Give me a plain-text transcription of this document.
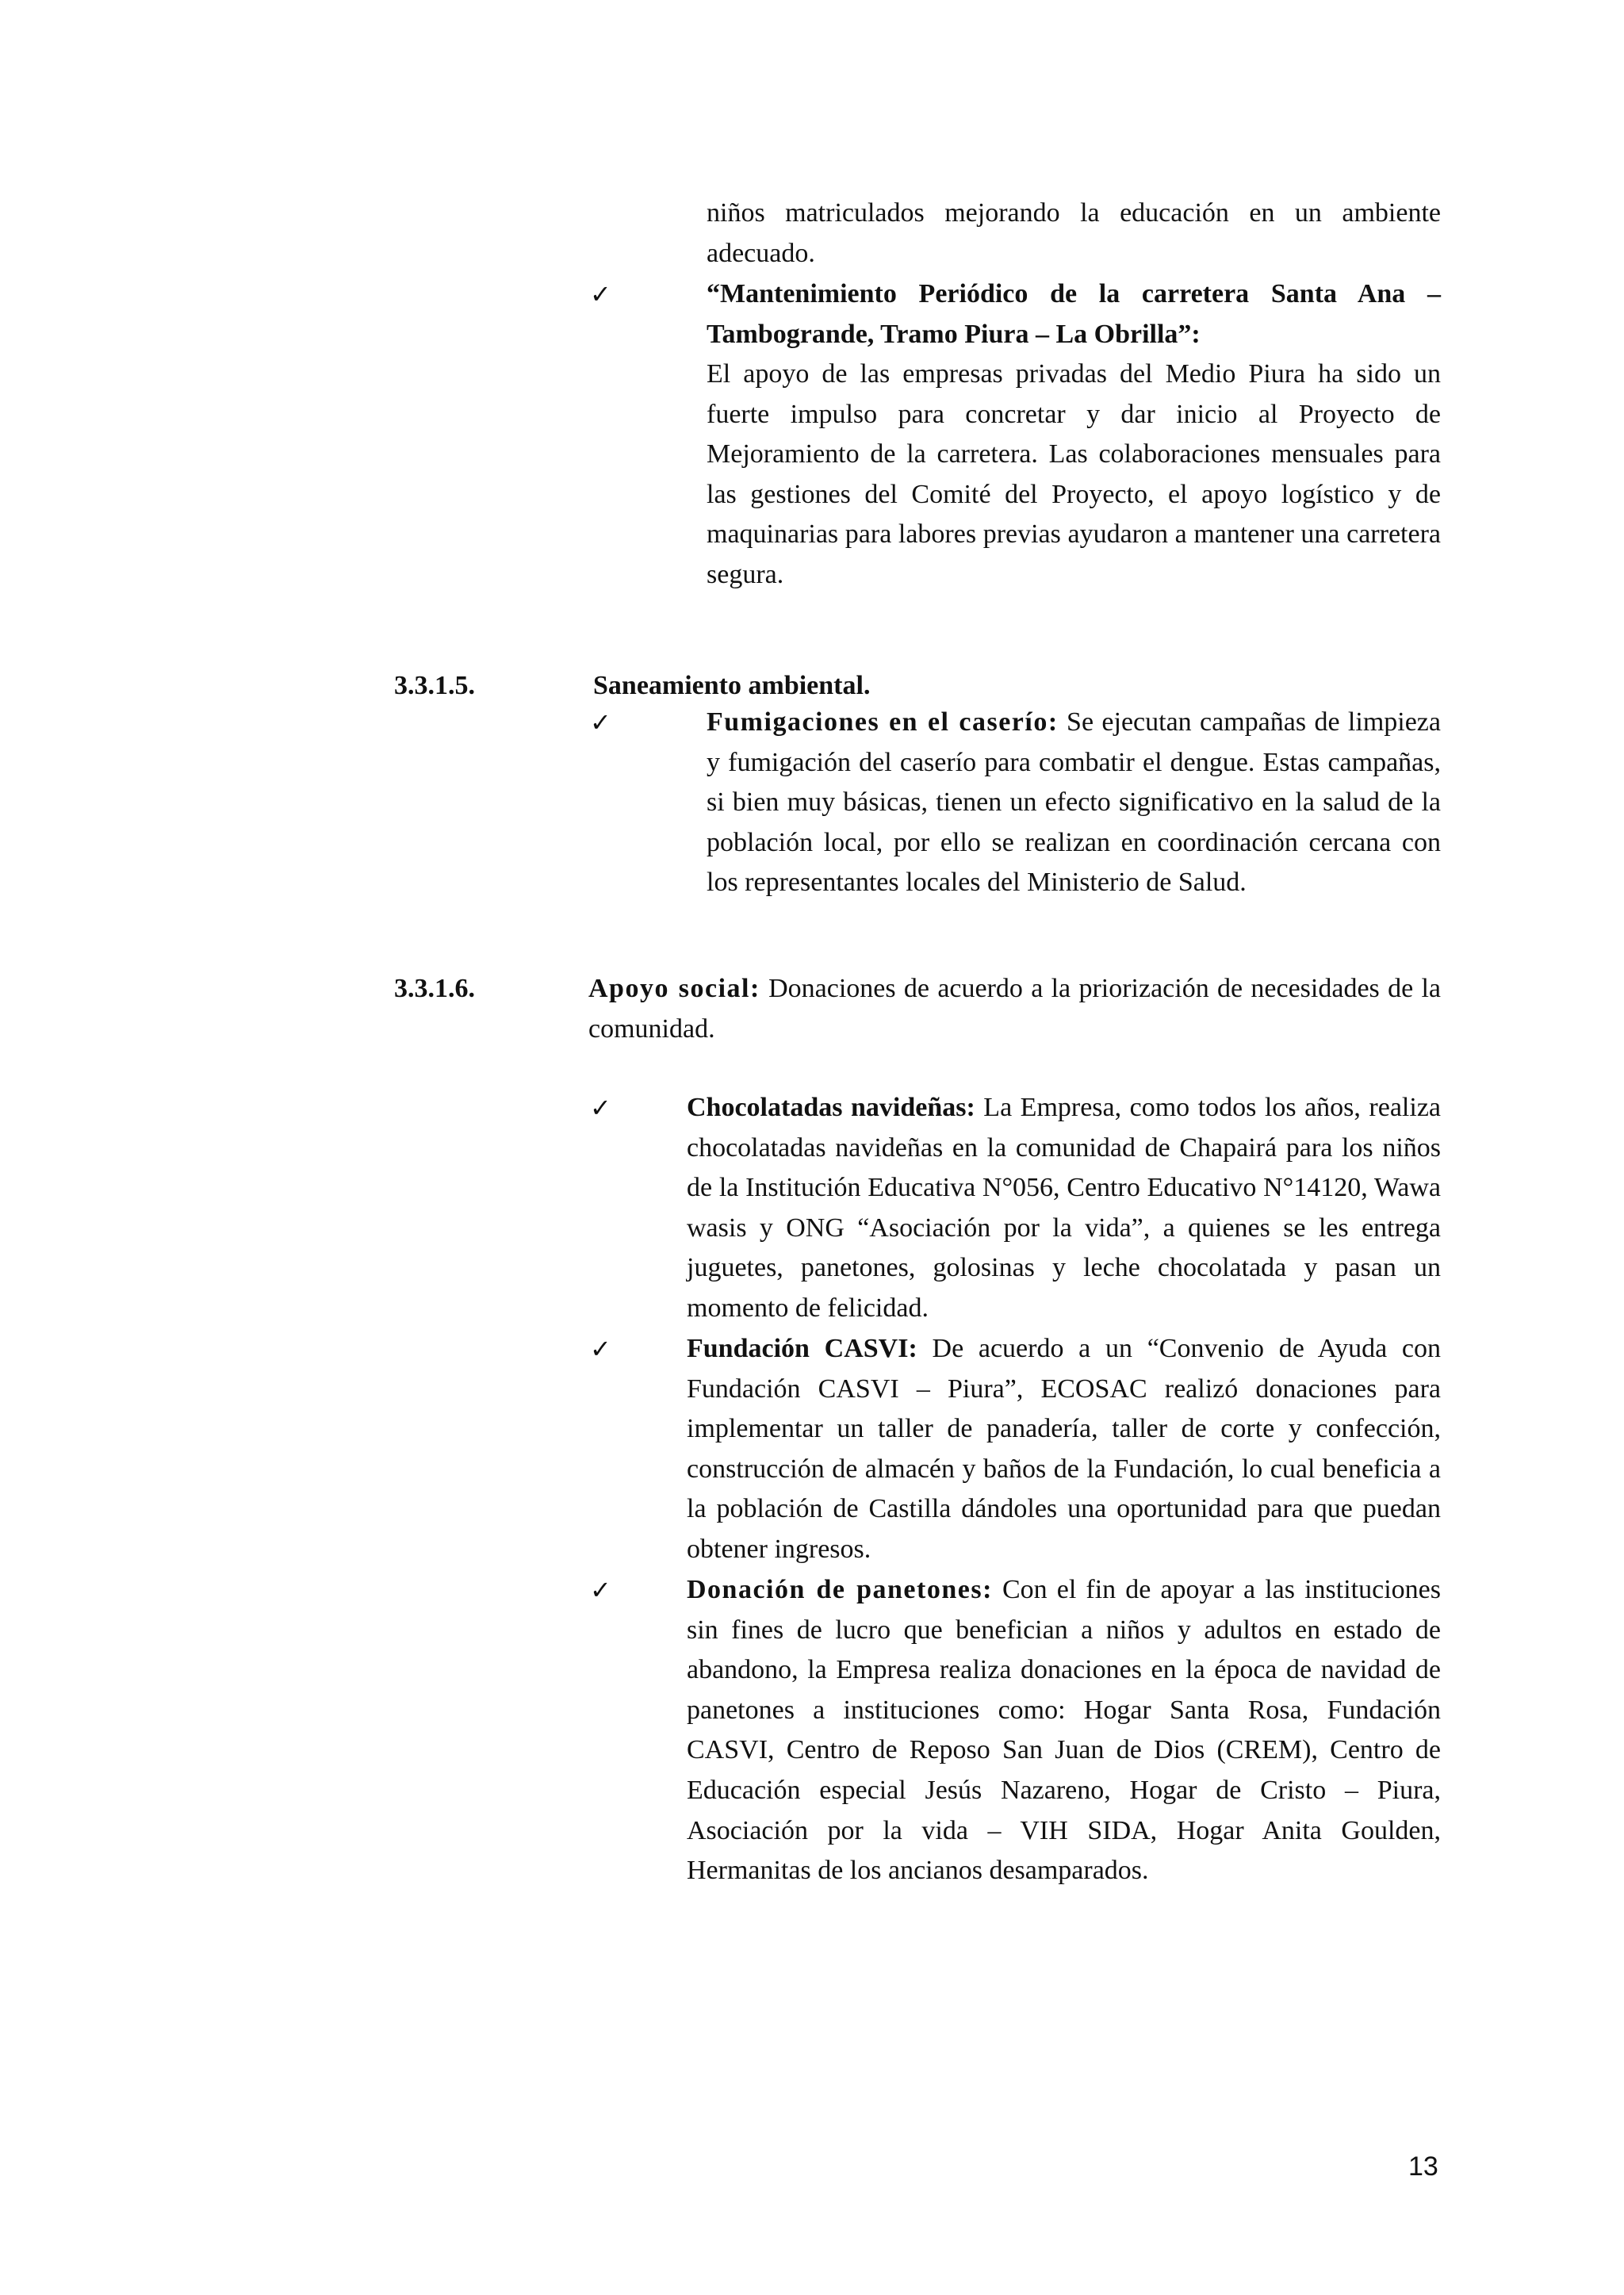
niños matriculados mejorando la educación en un ambiente adecuado.

✓	“Mantenimiento Periódico de la carretera Santa Ana – Tambogrande, Tramo Piura – La Obrilla”:

El apoyo de las empresas privadas del Medio Piura ha sido un fuerte impulso para concretar y dar inicio al Proyecto de Mejoramiento de la carretera. Las colaboraciones mensuales para las gestiones del Comité del Proyecto, el apoyo logístico y de maquinarias para labores previas ayudaron a mantener una carretera segura.

3.3.1.5.	Saneamiento ambiental.
✓	Fumigaciones en el caserío: Se ejecutan campañas de limpieza y fumigación del caserío para combatir el dengue. Estas campañas, si bien muy básicas, tienen un efecto significativo en la salud de la población local, por ello se realizan en coordinación cercana con los representantes locales del Ministerio de Salud.

3.3.1.6.	Apoyo social: Donaciones de acuerdo a la priorización de necesidades de la comunidad.

✓	Chocolatadas navideñas: La Empresa, como todos los años, realiza chocolatadas navideñas en la comunidad de Chapairá para los niños de la Institución Educativa N°056, Centro Educativo N°14120, Wawa wasis y ONG “Asociación por la vida”, a quienes se les entrega juguetes, panetones, golosinas y leche chocolatada y pasan un momento de felicidad.

✓	Fundación CASVI: De acuerdo a un “Convenio de Ayuda con Fundación CASVI – Piura”, ECOSAC realizó donaciones para implementar un taller de panadería, taller de corte y confección, construcción de almacén y baños de la Fundación, lo cual beneficia a la población de Castilla dándoles una oportunidad para que puedan obtener ingresos.

✓	Donación de panetones: Con el fin de apoyar a las instituciones sin fines de lucro que benefician a niños y adultos en estado de abandono, la Empresa realiza donaciones en la época de navidad de panetones a instituciones como: Hogar Santa Rosa, Fundación CASVI, Centro de Reposo San Juan de Dios (CREM), Centro de Educación especial Jesús Nazareno, Hogar de Cristo – Piura, Asociación por la vida – VIH SIDA, Hogar Anita Goulden, Hermanitas de los ancianos desamparados.

13
